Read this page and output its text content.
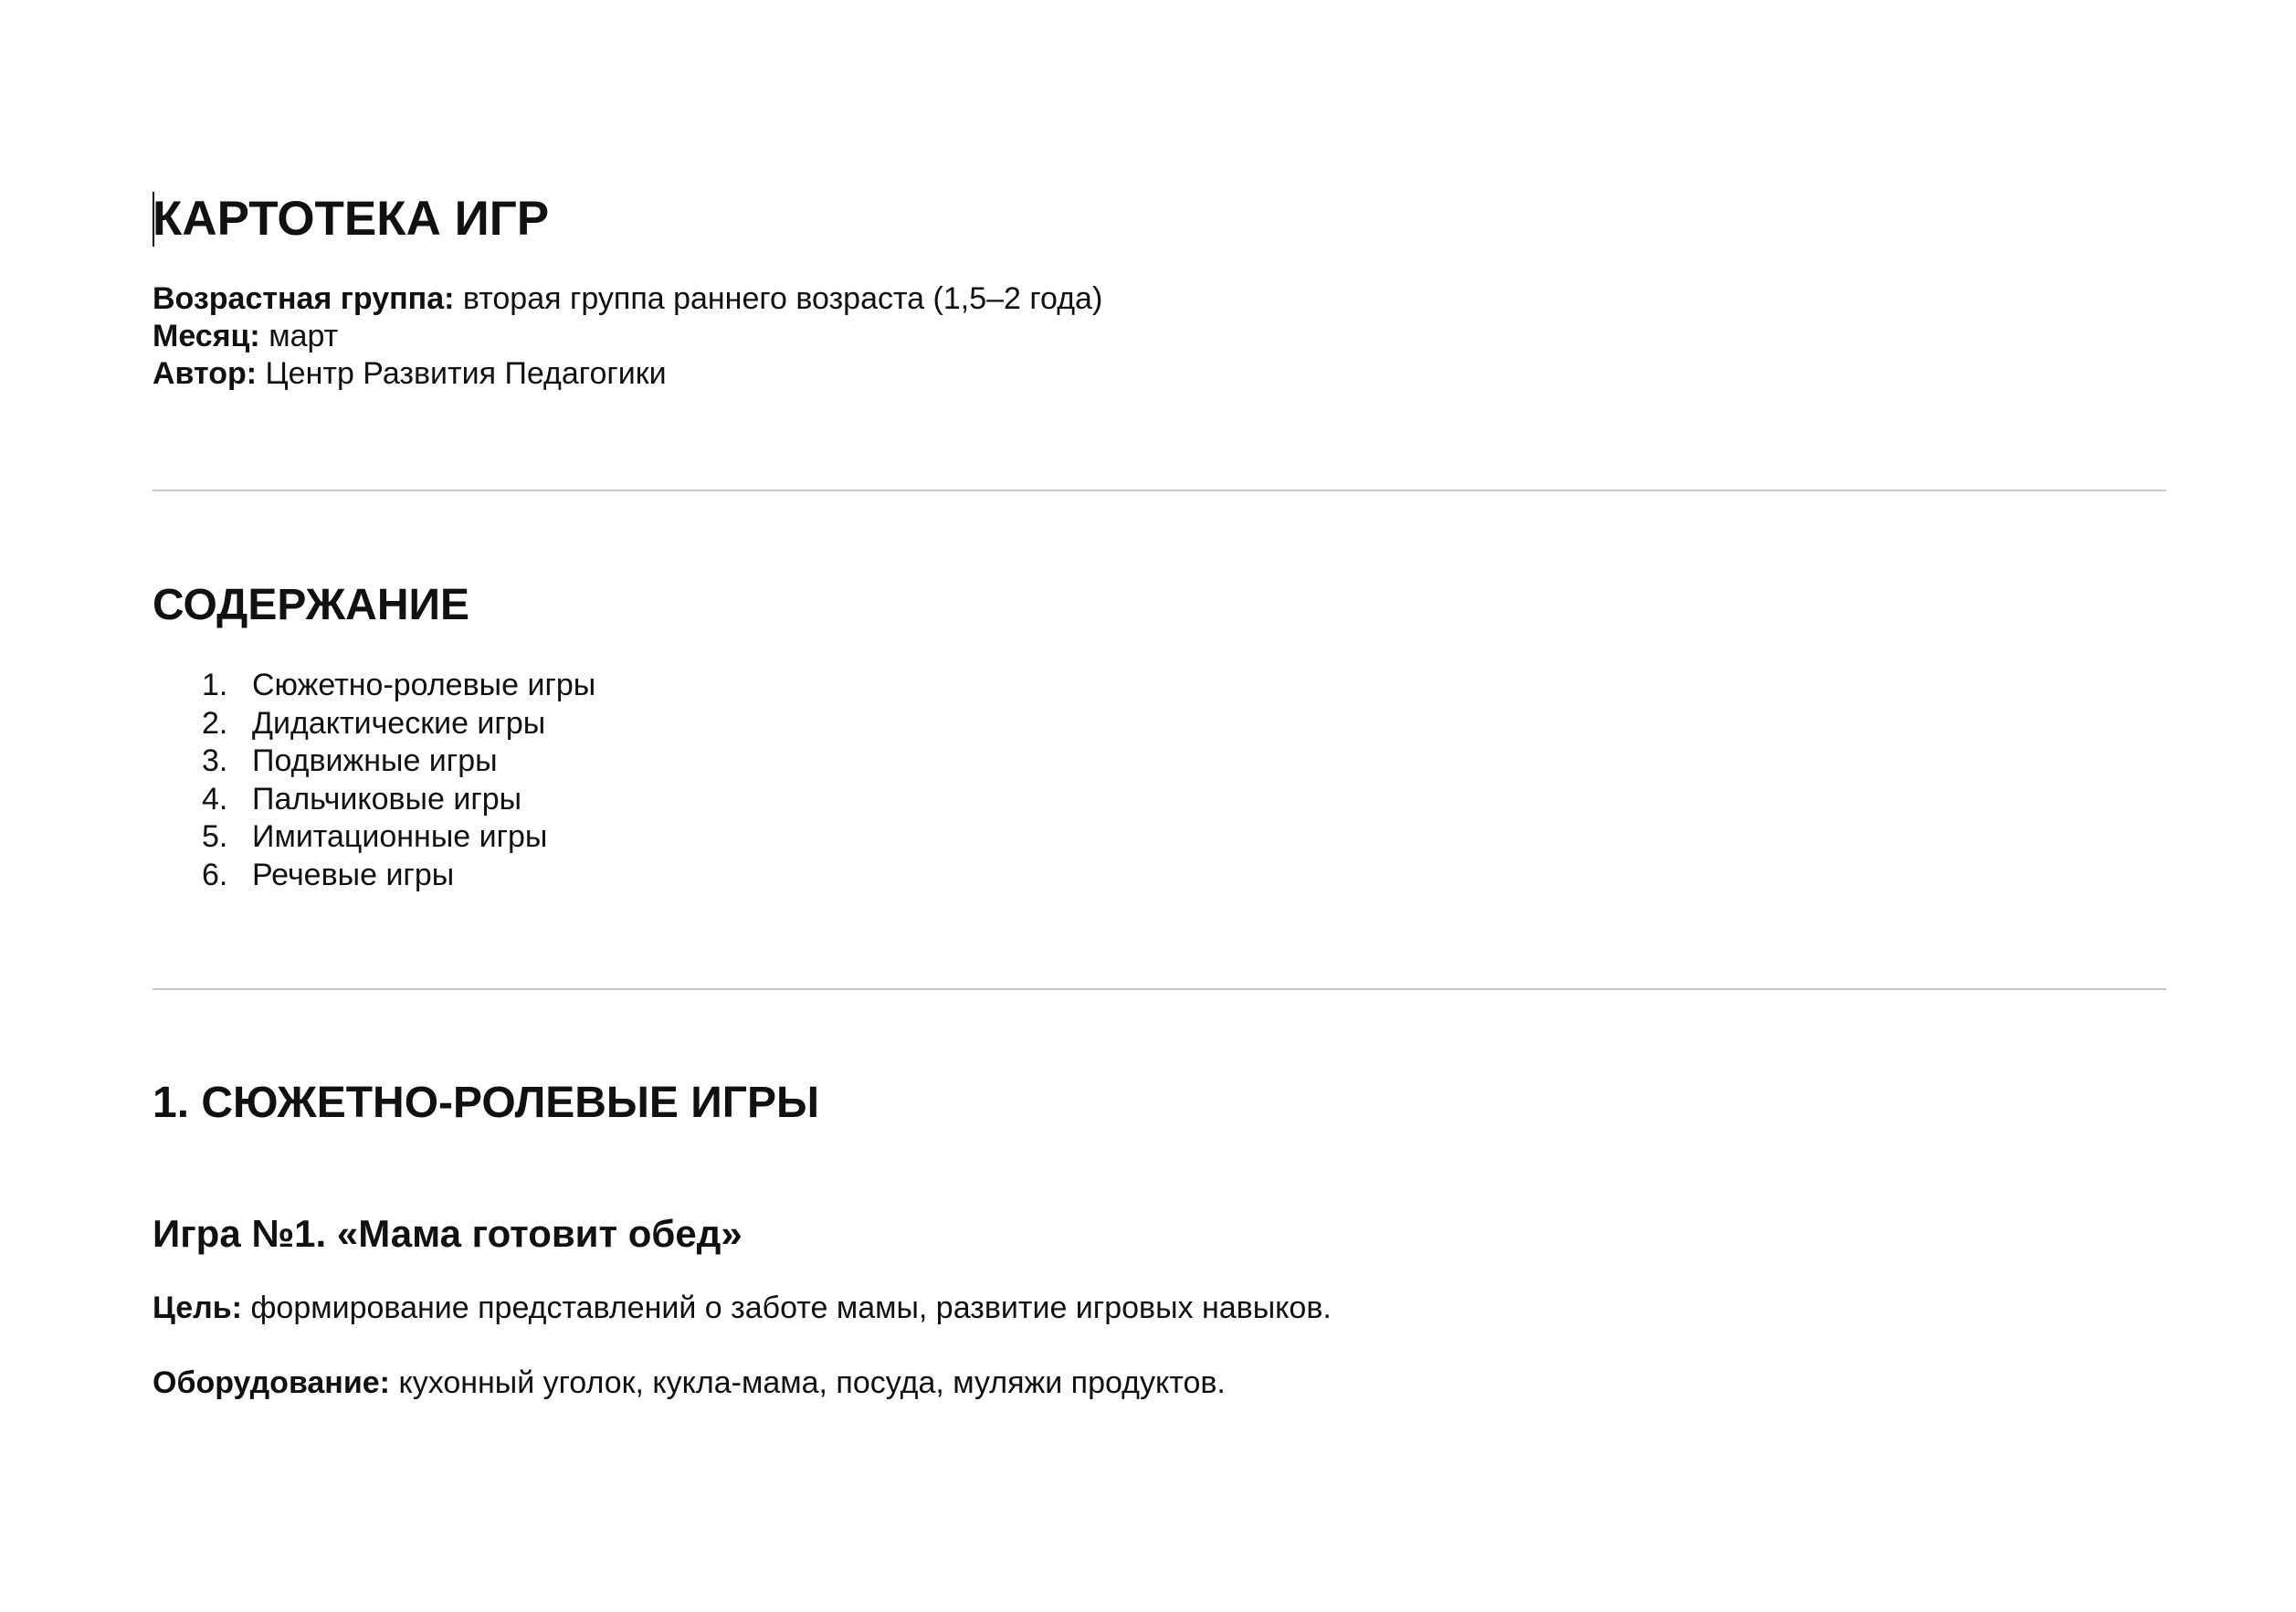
КАРТОТЕКА ИГР
Возрастная группа: вторая группа раннего возраста (1,5–2 года)
Месяц: март
Автор: Центр Развития Педагогики
СОДЕРЖАНИЕ
1. Сюжетно-ролевые игры
2. Дидактические игры
3. Подвижные игры
4. Пальчиковые игры
5. Имитационные игры
6. Речевые игры
1. СЮЖЕТНО-РОЛЕВЫЕ ИГРЫ
Игра №1. «Мама готовит обед»

Цель: формирование представлений о заботе мамы, развитие игровых навыков.

Оборудование: кухонный уголок, кукла-мама, посуда, муляжи продуктов.
